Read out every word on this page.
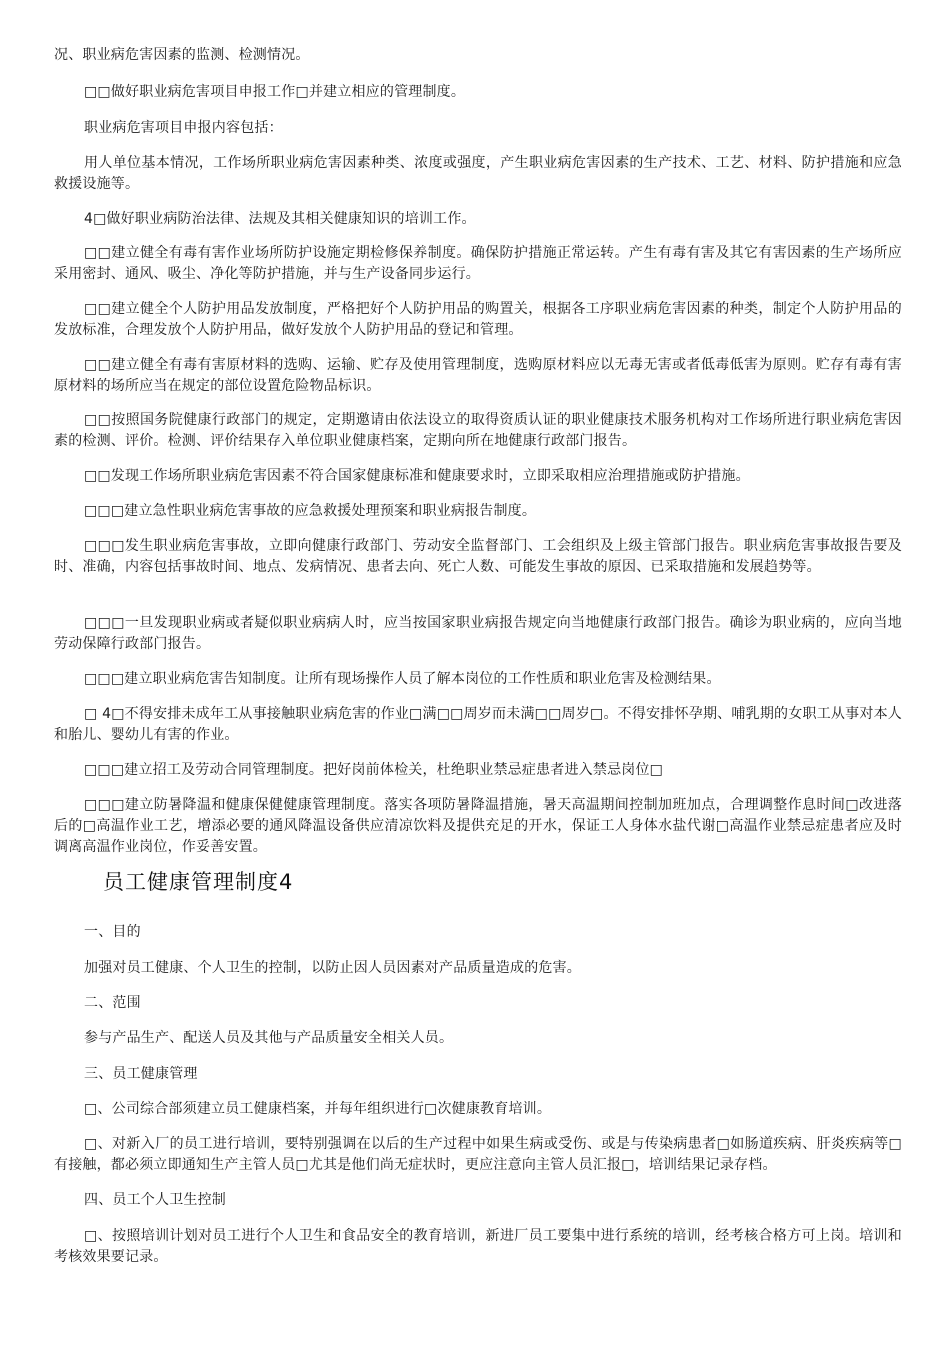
况、职业病危害因素的监测、检测情况。

□□做好职业病危害项目申报工作□并建立相应的管理制度。

职业病危害项目申报内容包括：

用人单位基本情况，工作场所职业病危害因素种类、浓度或强度，产生职业病危害因素的生产技术、工艺、材料、防护措施和应急救援设施等。

4□做好职业病防治法律、法规及其相关健康知识的培训工作。

□□建立健全有毒有害作业场所防护设施定期检修保养制度。确保防护措施正常运转。产生有毒有害及其它有害因素的生产场所应采用密封、通风、吸尘、净化等防护措施，并与生产设备同步运行。

□□建立健全个人防护用品发放制度，严格把好个人防护用品的购置关，根据各工序职业病危害因素的种类，制定个人防护用品的发放标准，合理发放个人防护用品，做好发放个人防护用品的登记和管理。

□□建立健全有毒有害原材料的选购、运输、贮存及使用管理制度，选购原材料应以无毒无害或者低毒低害为原则。贮存有毒有害原材料的场所应当在规定的部位设置危险物品标识。

□□按照国务院健康行政部门的规定，定期邀请由依法设立的取得资质认证的职业健康技术服务机构对工作场所进行职业病危害因素的检测、评价。检测、评价结果存入单位职业健康档案，定期向所在地健康行政部门报告。

□□发现工作场所职业病危害因素不符合国家健康标准和健康要求时，立即采取相应治理措施或防护措施。

□□□建立急性职业病危害事故的应急救援处理预案和职业病报告制度。

□□□发生职业病危害事故，立即向健康行政部门、劳动安全监督部门、工会组织及上级主管部门报告。职业病危害事故报告要及时、准确，内容包括事故时间、地点、发病情况、患者去向、死亡人数、可能发生事故的原因、已采取措施和发展趋势等。

□□□一旦发现职业病或者疑似职业病病人时，应当按国家职业病报告规定向当地健康行政部门报告。确诊为职业病的，应向当地劳动保障行政部门报告。

□□□建立职业病危害告知制度。让所有现场操作人员了解本岗位的工作性质和职业危害及检测结果。

□ 4□不得安排未成年工从事接触职业病危害的作业□满□□周岁而未满□□周岁□。不得安排怀孕期、哺乳期的女职工从事对本人和胎儿、婴幼儿有害的作业。

□□□建立招工及劳动合同管理制度。把好岗前体检关，杜绝职业禁忌症患者进入禁忌岗位□

□□□建立防暑降温和健康保健健康管理制度。落实各项防暑降温措施，暑天高温期间控制加班加点，合理调整作息时间□改进落后的□高温作业工艺，增添必要的通风降温设备供应清凉饮料及提供充足的开水，保证工人身体水盐代谢□高温作业禁忌症患者应及时调离高温作业岗位，作妥善安置。

员工健康管理制度4

一、目的

加强对员工健康、个人卫生的控制，以防止因人员因素对产品质量造成的危害。

二、范围

参与产品生产、配送人员及其他与产品质量安全相关人员。

三、员工健康管理

□、公司综合部须建立员工健康档案，并每年组织进行□次健康教育培训。

□、对新入厂的员工进行培训，要特别强调在以后的生产过程中如果生病或受伤、或是与传染病患者□如肠道疾病、肝炎疾病等□有接触，都必须立即通知生产主管人员□尤其是他们尚无症状时，更应注意向主管人员汇报□，培训结果记录存档。

四、员工个人卫生控制

□、按照培训计划对员工进行个人卫生和食品安全的教育培训，新进厂员工要集中进行系统的培训，经考核合格方可上岗。培训和考核效果要记录。
